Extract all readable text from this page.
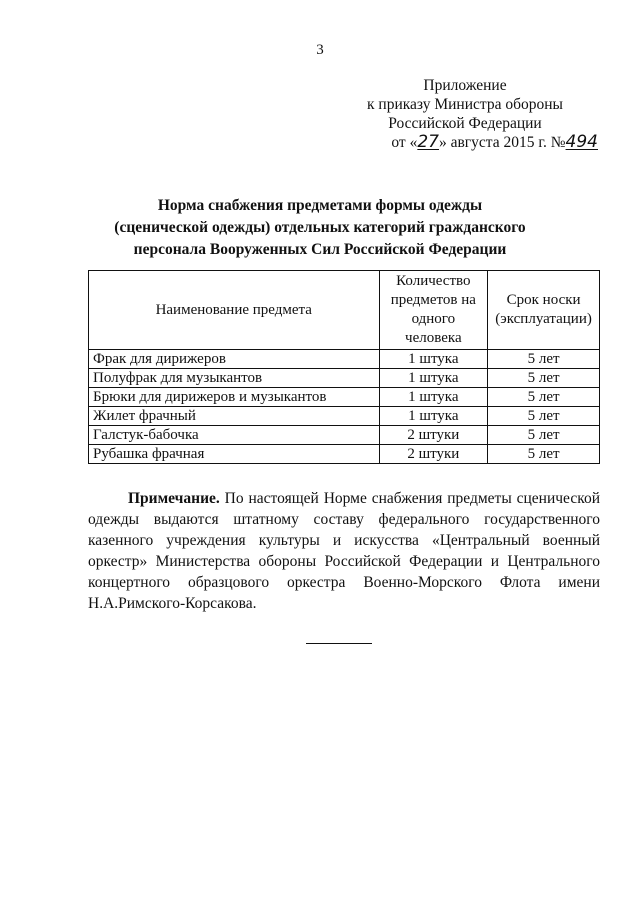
3
Приложение
к приказу Министра обороны
Российской Федерации
от «27» августа 2015 г. №494
Норма снабжения предметами формы одежды
(сценической одежды) отдельных категорий гражданского
персонала Вооруженных Сил Российской Федерации
Наименование предмета	Количество предметов на одного человека	Срок носки (эксплуатации)
Фрак для дирижеров	1 штука	5 лет
Полуфрак для музыкантов	1 штука	5 лет
Брюки для дирижеров и музыкантов	1 штука	5 лет
Жилет фрачный	1 штука	5 лет
Галстук-бабочка	2 штуки	5 лет
Рубашка фрачная	2 штуки	5 лет

Примечание. По настоящей Норме снабжения предметы сценической одежды выдаются штатному составу федерального государственного казенного учреждения культуры и искусства «Центральный военный оркестр» Министерства обороны Российской Федерации и Центрального концертного образцового оркестра Военно-Морского Флота имени Н.А.Римского-Корсакова.
